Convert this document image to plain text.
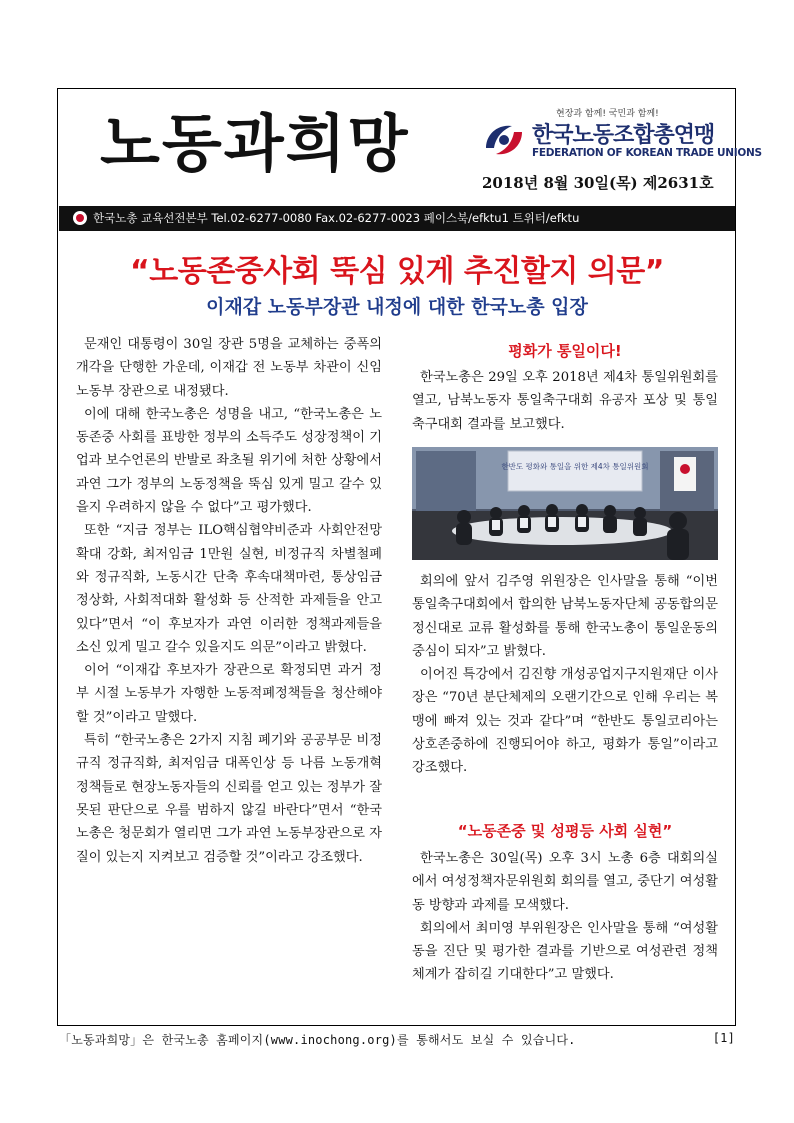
노동과희망	현장과 함께! 국민과 함께!
한국노동조합총연맹
FEDERATION OF KOREAN TRADE UNIONS
2018년 8월 30일(목) 제2631호
한국노총 교육선전본부 Tel.02-6277-0080 Fax.02-6277-0023 페이스북/efktu1 트위터/efktu
“노동존중사회 뚝심 있게 추진할지 의문”
이재갑 노동부장관 내정에 대한 한국노총 입장

문재인 대통령이 30일 장관 5명을 교체하는 중폭의 개각을 단행한 가운데, 이재갑 전 노동부 차관이 신임 노동부 장관으로 내정됐다.

이에 대해 한국노총은 성명을 내고, “한국노총은 노동존중 사회를 표방한 정부의 소득주도 성장정책이 기업과 보수언론의 반발로 좌초될 위기에 처한 상황에서 과연 그가 정부의 노동정책을 뚝심 있게 밀고 갈수 있을지 우려하지 않을 수 없다”고 평가했다.

또한 “지금 정부는 ILO핵심협약비준과 사회안전망 확대 강화, 최저임금 1만원 실현, 비정규직 차별철폐와 정규직화, 노동시간 단축 후속대책마련, 통상임금 정상화, 사회적대화 활성화 등 산적한 과제들을 안고 있다”면서 “이 후보자가 과연 이러한 정책과제들을 소신 있게 밀고 갈수 있을지도 의문”이라고 밝혔다.

이어 “이재갑 후보자가 장관으로 확정되면 과거 정부 시절 노동부가 자행한 노동적폐정책들을 청산해야 할 것”이라고 말했다.

특히 “한국노총은 2가지 지침 폐기와 공공부문 비정규직 정규직화, 최저임금 대폭인상 등 나름 노동개혁정책들로 현장노동자들의 신뢰를 얻고 있는 정부가 잘못된 판단으로 우를 범하지 않길 바란다”면서 “한국노총은 청문회가 열리면 그가 과연 노동부장관으로 자질이 있는지 지켜보고 검증할 것”이라고 강조했다.

평화가 통일이다!

한국노총은 29일 오후 2018년 제4차 통일위원회를 열고, 남북노동자 통일축구대회 유공자 포상 및 통일축구대회 결과를 보고했다.

한반도 평화와 통일을 위한 제4차 통일위원회

회의에 앞서 김주영 위원장은 인사말을 통해 “이번 통일축구대회에서 합의한 남북노동자단체 공동합의문 정신대로 교류 활성화를 통해 한국노총이 통일운동의 중심이 되자”고 밝혔다.

이어진 특강에서 김진향 개성공업지구지원재단 이사장은 “70년 분단체제의 오랜기간으로 인해 우리는 복맹에 빠져 있는 것과 같다”며 “한반도 통일코리아는 상호존중하에 진행되어야 하고, 평화가 통일”이라고 강조했다.

“노동존중 및 성평등 사회 실현”

한국노총은 30일(목) 오후 3시 노총 6층 대회의실에서 여성정책자문위원회 회의를 열고, 중단기 여성활동 방향과 과제를 모색했다.

회의에서 최미영 부위원장은 인사말을 통해 “여성활동을 진단 및 평가한 결과를 기반으로 여성관련 정책체계가 잡히길 기대한다”고 말했다.

「노동과희망」은 한국노총 홈페이지(www.inochong.org)를 통해서도 보실 수 있습니다.	[1]
